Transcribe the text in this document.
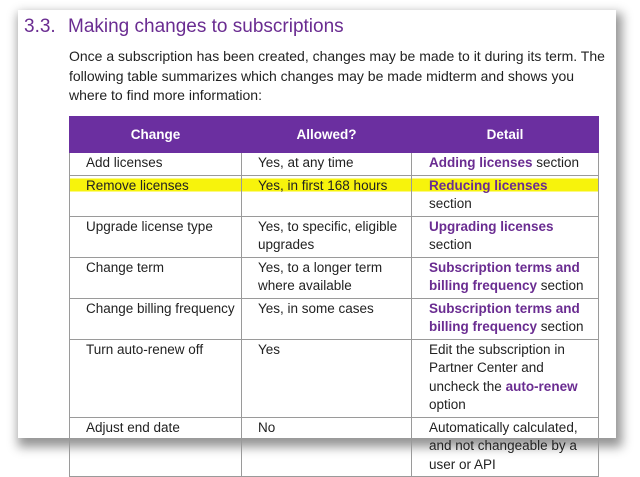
3.3. Making changes to subscriptions

Once a subscription has been created, changes may be made to it during its term. The following table summarizes which changes may be made midterm and shows you where to find more information:

Change	Allowed?	Detail
Add licenses	Yes, at any time	Adding licenses section
Remove licenses	Yes, in first 168 hours	Reducing licenses section
Upgrade license type	Yes, to specific, eligible upgrades	Upgrading licenses section
Change term	Yes, to a longer term where available	Subscription terms and billing frequency section
Change billing frequency	Yes, in some cases	Subscription terms and billing frequency section
Turn auto-renew off	Yes	Edit the subscription in Partner Center and uncheck the auto-renew option
Adjust end date	No	Automatically calculated, and not changeable by a user or API
